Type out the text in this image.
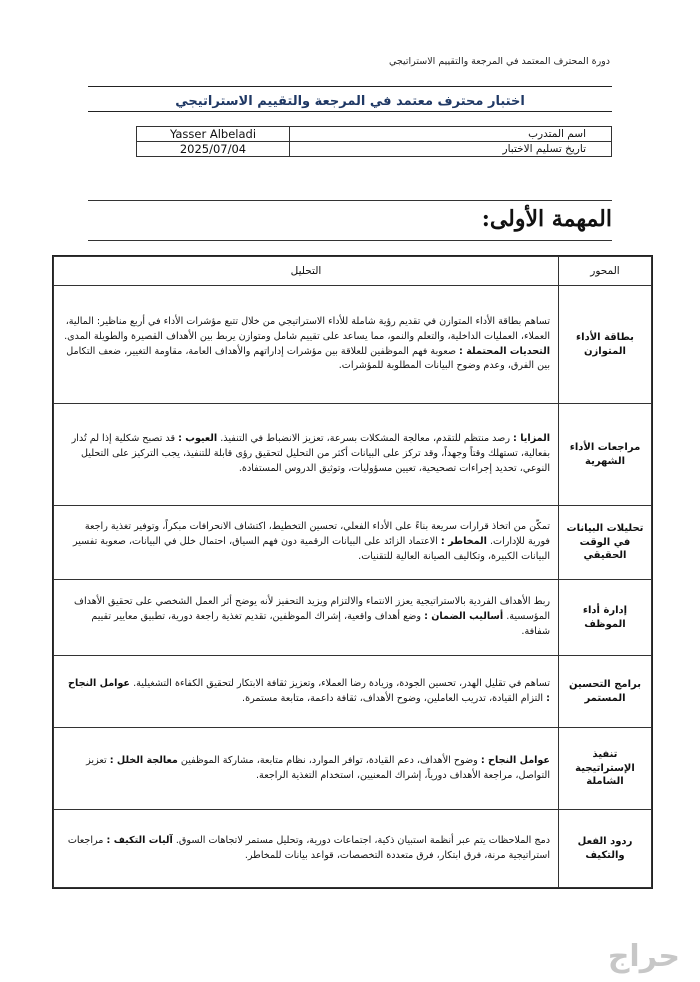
دورة المحترف المعتمد في المرجعة والتقييم الاستراتيجي
اختبار محترف معتمد في المرجعة والتقييم الاستراتيجي
Yasser Albeladi	اسم المتدرب
2025/07/04	تاريخ تسليم الاختبار
المهمة الأولى:
المحور	التحليل
بطاقة الأداء المتوازن	تساهم بطاقة الأداء المتوازن في تقديم رؤية شاملة للأداء الاستراتيجي من خلال تتبع مؤشرات الأداء في أربع مناظير: المالية، العملاء، العمليات الداخلية، والتعلم والنمو، مما يساعد على تقييم شامل ومتوازن يربط بين الأهداف القصيرة والطويلة المدى. التحديات المحتملة : صعوبة فهم الموظفين للعلاقة بين مؤشرات إداراتهم والأهداف العامة، مقاومة التغيير، ضعف التكامل بين الفرق، وعدم وضوح البيانات المطلوبة للمؤشرات.
مراجعات الأداء الشهرية	المزايا : رصد منتظم للتقدم، معالجة المشكلات بسرعة، تعزيز الانضباط في التنفيذ. العيوب : قد تصبح شكلية إذا لم تُدار بفعالية، تستهلك وقتاً وجهداً، وقد تركز على البيانات أكثر من التحليل لتحقيق رؤى قابلة للتنفيذ، يجب التركيز على التحليل النوعي، تحديد إجراءات تصحيحية، تعيين مسؤوليات، وتوثيق الدروس المستفادة.
تحليلات البيانات في الوقت الحقيقي	تمكّن من اتخاذ قرارات سريعة بناءً على الأداء الفعلي، تحسين التخطيط، اكتشاف الانحرافات مبكراً، وتوفير تغذية راجعة فورية للإدارات. المخاطر : الاعتماد الزائد على البيانات الرقمية دون فهم السياق، احتمال خلل في البيانات، صعوبة تفسير البيانات الكبيرة، وتكاليف الصيانة العالية للتقنيات.
إدارة أداء الموظف	ربط الأهداف الفردية بالاستراتيجية يعزز الانتماء والالتزام ويزيد التحفيز لأنه يوضح أثر العمل الشخصي على تحقيق الأهداف المؤسسية. أساليب الضمان : وضع أهداف واقعية، إشراك الموظفين، تقديم تغذية راجعة دورية، تطبيق معايير تقييم شفافة.
برامج التحسين المستمر	تساهم في تقليل الهدر، تحسين الجودة، وزيادة رضا العملاء، وتعزيز ثقافة الابتكار لتحقيق الكفاءة التشغيلية. عوامل النجاح : التزام القيادة، تدريب العاملين، وضوح الأهداف، ثقافة داعمة، متابعة مستمرة.
تنفيذ الإستراتيجية الشاملة	عوامل النجاح : وضوح الأهداف، دعم القيادة، توافر الموارد، نظام متابعة، مشاركة الموظفين معالجة الخلل : تعزيز التواصل، مراجعة الأهداف دورياً، إشراك المعنيين، استخدام التغذية الراجعة.
ردود الفعل والتكيف	دمج الملاحظات يتم عبر أنظمة استبيان ذكية، اجتماعات دورية، وتحليل مستمر لاتجاهات السوق. آليات التكيف : مراجعات استراتيجية مرنة، فرق ابتكار، فرق متعددة التخصصات، قواعد بيانات للمخاطر.
حراج
